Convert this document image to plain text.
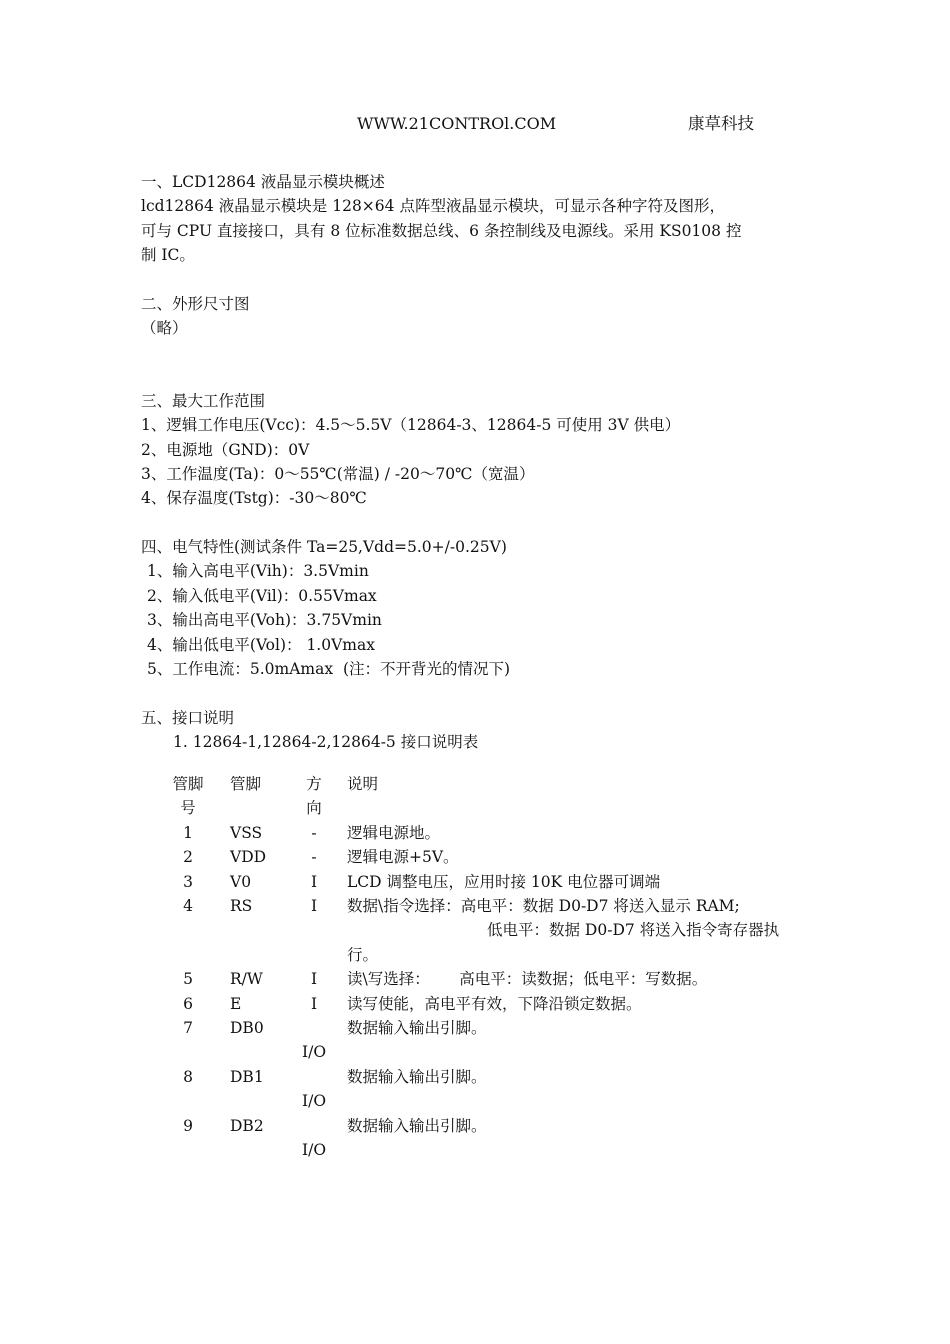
WWW.21CONTROl.COM	康草科技
一、LCD12864 液晶显示模块概述
lcd12864 液晶显示模块是 128×64 点阵型液晶显示模块，可显示各种字符及图形，
可与 CPU 直接接口，具有 8 位标准数据总线、6 条控制线及电源线。采用 KS0108 控
制 IC。
二、外形尺寸图
（略）
三、最大工作范围
1、逻辑工作电压(Vcc)：4.5～5.5V（12864-3、12864-5 可使用 3V 供电）
2、电源地（GND)：0V
3、工作温度(Ta)：0～55℃(常温) / -20～70℃（宽温）
4、保存温度(Tstg)：-30～80℃
四、电气特性(测试条件 Ta=25,Vdd=5.0+/-0.25V)
1、输入高电平(Vih)：3.5Vmin
2、输入低电平(Vil)：0.55Vmax
3、输出高电平(Voh)：3.75Vmin
4、输出低电平(Vol)： 1.0Vmax
5、工作电流：5.0mAmax  (注：不开背光的情况下)
五、接口说明
1. 12864-1,12864-2,12864-5 接口说明表
管脚
号	管脚	方
向	说明
1	VSS	-	逻辑电源地。
2	VDD	-	逻辑电源+5V。
3	V0	I	LCD 调整电压，应用时接 10K 电位器可调端
4	RS	I	数据\指令选择：高电平：数据 D0-D7 将送入显示 RAM;
低电平：数据 D0-D7 将送入指令寄存器执
行。

5	R/W	I	读\写选择：      高电平：读数据；低电平：写数据。
6	E	I	读写使能，高电平有效，下降沿锁定数据。
7	DB0	I/O	数据输入输出引脚。
8	DB1	I/O	数据输入输出引脚。
9	DB2	I/O	数据输入输出引脚。
